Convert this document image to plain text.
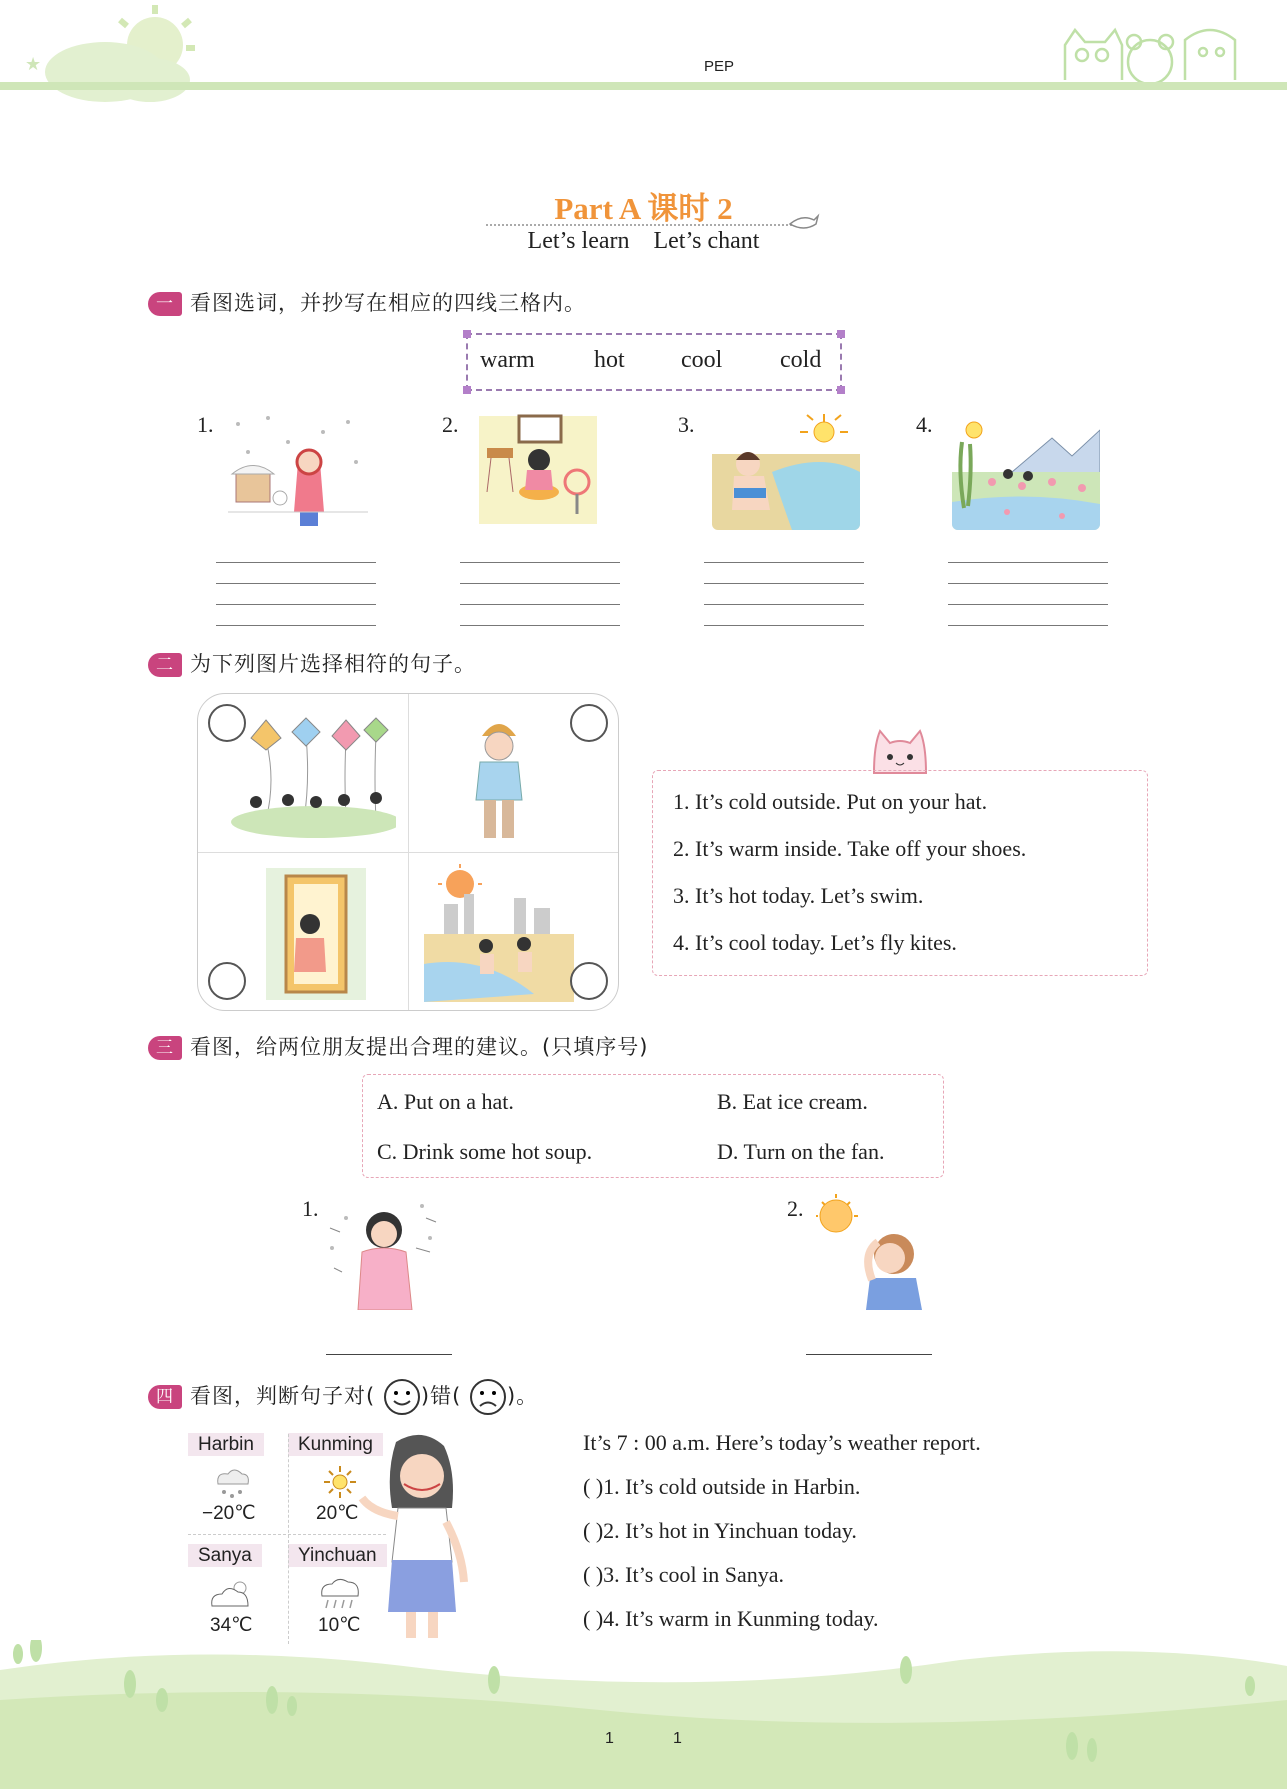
★	PEP
Part A 课时 2
Let’s learn Let’s chant
一 看图选词，并抄写在相应的四线三格内。
warm hot cool cold
1.	2.	3.	4.
二 为下列图片选择相符的句子。
1. It’s cold outside. Put on your hat.
2. It’s warm inside. Take off your shoes.
3. It’s hot today. Let’s swim.
4. It’s cool today. Let’s fly kites.
三 看图，给两位朋友提出合理的建议。(只填序号)
A. Put on a hat.	B. Eat ice cream.
C. Drink some hot soup.	D. Turn on the fan.
1.	2.
四 看图，判断句子对( )错( )。
Harbin
−20℃
Kunming
20℃
Sanya
34℃
Yinchuan
10℃
It’s 7 : 00 a.m. Here’s today’s weather report.
( )1. It’s cold outside in Harbin.
( )2. It’s hot in Yinchuan today.
( )3. It’s cool in Sanya.
( )4. It’s warm in Kunming today.
1	1
